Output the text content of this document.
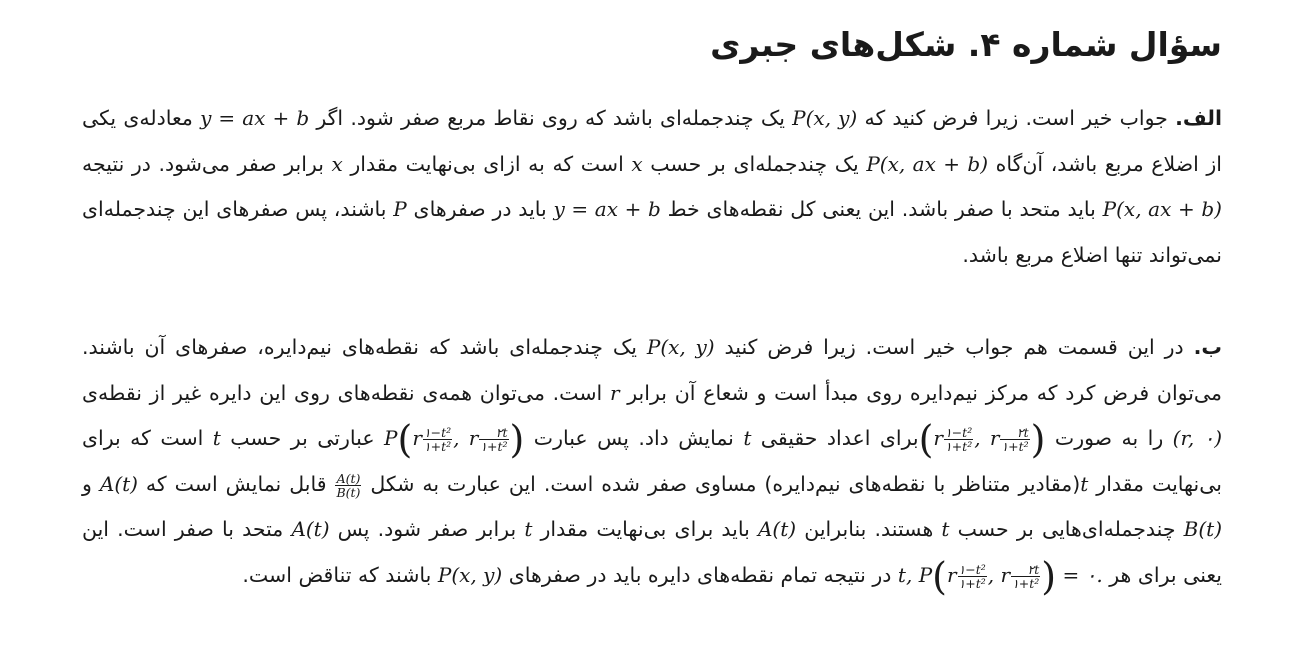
سؤال شماره ۴. شکل‌های جبری

الف. جواب خیر است. زیرا فرض کنید که P(x, y) یک چندجمله‌ای باشد که روی نقاط مربع صفر شود. اگر y = ax + b معادله‌ی یکی از اضلاع مربع باشد، آن‌گاه P(x, ax + b) یک چندجمله‌ای بر حسب x است که به ازای بی‌نهایت مقدار x برابر صفر می‌شود. در نتیجه P(x, ax + b) باید متحد با صفر باشد. این یعنی کل نقطه‌های خط y = ax + b باید در صفرهای P باشند، پس صفرهای این چندجمله‌ای نمی‌تواند تنها اضلاع مربع باشد.

ب. در این قسمت هم جواب خیر است. زیرا فرض کنید P(x, y) یک چندجمله‌ای باشد که نقطه‌های نیم‌دایره، صفرهای آن باشند. می‌توان فرض کرد که مرکز نیم‌دایره روی مبدأ است و شعاع آن برابر r است. می‌توان همه‌ی نقطه‌های روی این دایره غیر از نقطه‌ی (r, ۰) را به صورت ($r \frac{\text{۱−t²}}{\text{۱+t²}}$ , r $\frac{۲t}{\text{۱+t²}}$ )برای اعداد حقیقی t نمایش داد. پس عبارت $P(r \frac{\text{۱−t²}}{\text{۱+t²}}$ , r $\frac{۲t}{\text{۱+t²}}$ ) عبارتی بر حسب t است که برای بی‌نهایت مقدار t(مقادیر متناظر با نقطه‌های نیم‌دایره) مساوی صفر شده است. این عبارت به شکل
$\frac{A(t)}{B(t)}$
قابل نمایش است که A(t) و B(t) چندجمله‌ای‌هایی بر حسب t هستند. بنابراین A(t) باید برای بی‌نهایت مقدار t برابر صفر شود. پس A(t) متحد با صفر است. این یعنی برای هر t, $P(r \frac{\text{۱−t²}}{\text{۱+t²}}$ , r $\frac{۲t}{\text{۱+t²}}$ ) = ۰. در نتیجه تمام نقطه‌های دایره باید در صفرهای P(x, y) باشند که تناقض است.
